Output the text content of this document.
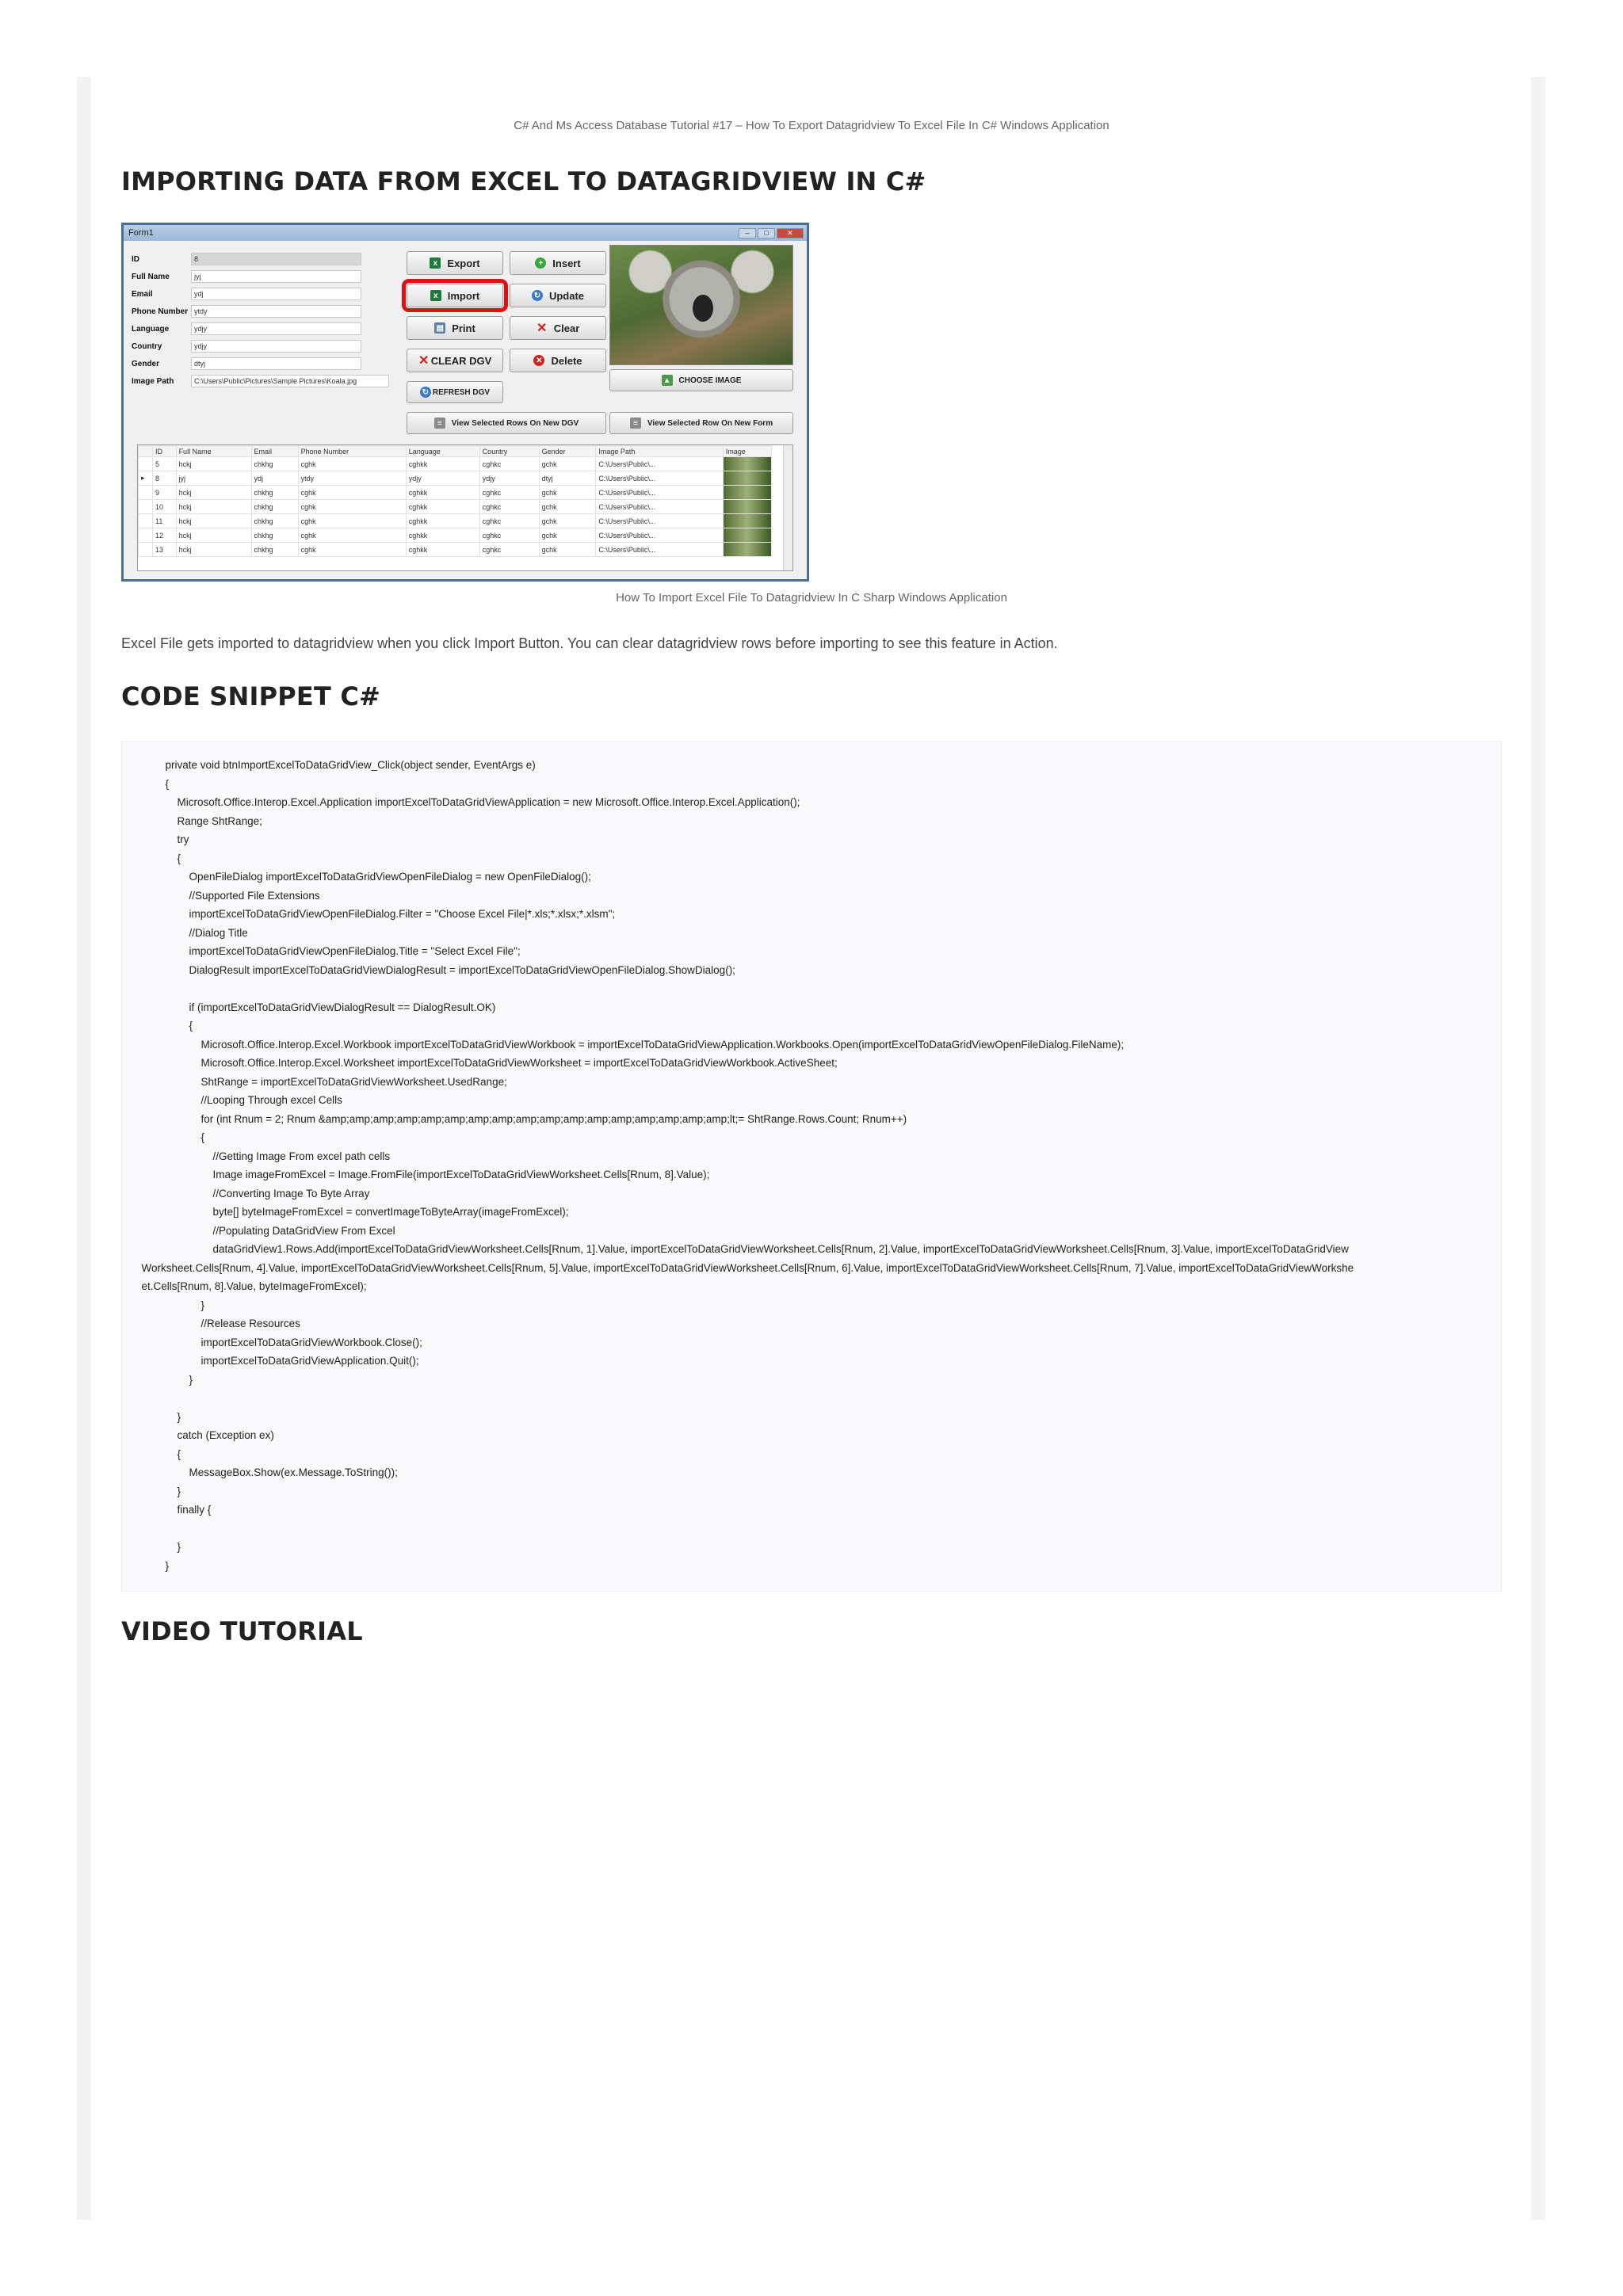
C# And Ms Access Database Tutorial #17 – How To Export Datagridview To Excel File In C# Windows Application
IMPORTING DATA FROM EXCEL TO DATAGRIDVIEW IN C#
Form1	–	□	✕
ID	8
Full Name	jyj
Email	ydj
Phone Number ytdy
Language	ydjy
Country	ydjy
Gender	dtyj
Image Path	C:\Users\Public\Pictures\Sample Pictures\Koala.jpg
x Export	+ Insert
x Import	↻ Update
▤ Print	✕ Clear
✕ CLEAR DGV	✕ Delete
↻ REFRESH DGV
▲ CHOOSE IMAGE
≡	View Selected Rows On New DGV	≡	View Selected Row On New Form
	ID	Full Name	Email	Phone Number	Language	Country	Gender	Image Path	Image
	5	hckj	chkhg	cghk	cghkk	cghkc	gchk	C:\Users\Public\...	
▸	8	jyj	ydj	ytdy	ydjy	ydjy	dtyj	C:\Users\Public\...	
	9	hckj	chkhg	cghk	cghkk	cghkc	gchk	C:\Users\Public\...	
	10	hckj	chkhg	cghk	cghkk	cghkc	gchk	C:\Users\Public\...	
	11	hckj	chkhg	cghk	cghkk	cghkc	gchk	C:\Users\Public\...	
	12	hckj	chkhg	cghk	cghkk	cghkc	gchk	C:\Users\Public\...	
	13	hckj	chkhg	cghk	cghkk	cghkc	gchk	C:\Users\Public\...	
How To Import Excel File To Datagridview In C Sharp Windows Application

Excel File gets imported to datagridview when you click Import Button. You can clear datagridview rows before importing to see this feature in Action.

CODE SNIPPET C#
private void btnImportExcelToDataGridView_Click(object sender, EventArgs e)
{
Microsoft.Office.Interop.Excel.Application importExcelToDataGridViewApplication = new Microsoft.Office.Interop.Excel.Application();
Range ShtRange;
try
{
OpenFileDialog importExcelToDataGridViewOpenFileDialog = new OpenFileDialog();
//Supported File Extensions
importExcelToDataGridViewOpenFileDialog.Filter = "Choose Excel File|*.xls;*.xlsx;*.xlsm";
//Dialog Title
importExcelToDataGridViewOpenFileDialog.Title = "Select Excel File";
DialogResult importExcelToDataGridViewDialogResult = importExcelToDataGridViewOpenFileDialog.ShowDialog();
if (importExcelToDataGridViewDialogResult == DialogResult.OK)
{
Microsoft.Office.Interop.Excel.Workbook importExcelToDataGridViewWorkbook = importExcelToDataGridViewApplication.Workbooks.Open(importExcelToDataGridViewOpenFileDialog.FileName);
Microsoft.Office.Interop.Excel.Worksheet importExcelToDataGridViewWorksheet = importExcelToDataGridViewWorkbook.ActiveSheet;
ShtRange = importExcelToDataGridViewWorksheet.UsedRange;
//Looping Through excel Cells
for (int Rnum = 2; Rnum &amp;amp;amp;amp;amp;amp;amp;amp;amp;amp;amp;amp;amp;amp;amp;amp;amp;lt;= ShtRange.Rows.Count; Rnum++)
{
//Getting Image From excel path cells
Image imageFromExcel = Image.FromFile(importExcelToDataGridViewWorksheet.Cells[Rnum, 8].Value);
//Converting Image To Byte Array
byte[] byteImageFromExcel = convertImageToByteArray(imageFromExcel);
//Populating DataGridView From Excel
dataGridView1.Rows.Add(importExcelToDataGridViewWorksheet.Cells[Rnum, 1].Value, importExcelToDataGridViewWorksheet.Cells[Rnum, 2].Value, importExcelToDataGridViewWorksheet.Cells[Rnum, 3].Value, importExcelToDataGridView
Worksheet.Cells[Rnum, 4].Value, importExcelToDataGridViewWorksheet.Cells[Rnum, 5].Value, importExcelToDataGridViewWorksheet.Cells[Rnum, 6].Value, importExcelToDataGridViewWorksheet.Cells[Rnum, 7].Value, importExcelToDataGridViewWorkshe
et.Cells[Rnum, 8].Value, byteImageFromExcel);
}
//Release Resources
importExcelToDataGridViewWorkbook.Close();
importExcelToDataGridViewApplication.Quit();
}
}
catch (Exception ex)
{
MessageBox.Show(ex.Message.ToString());
}
finally {
}
}
VIDEO TUTORIAL
